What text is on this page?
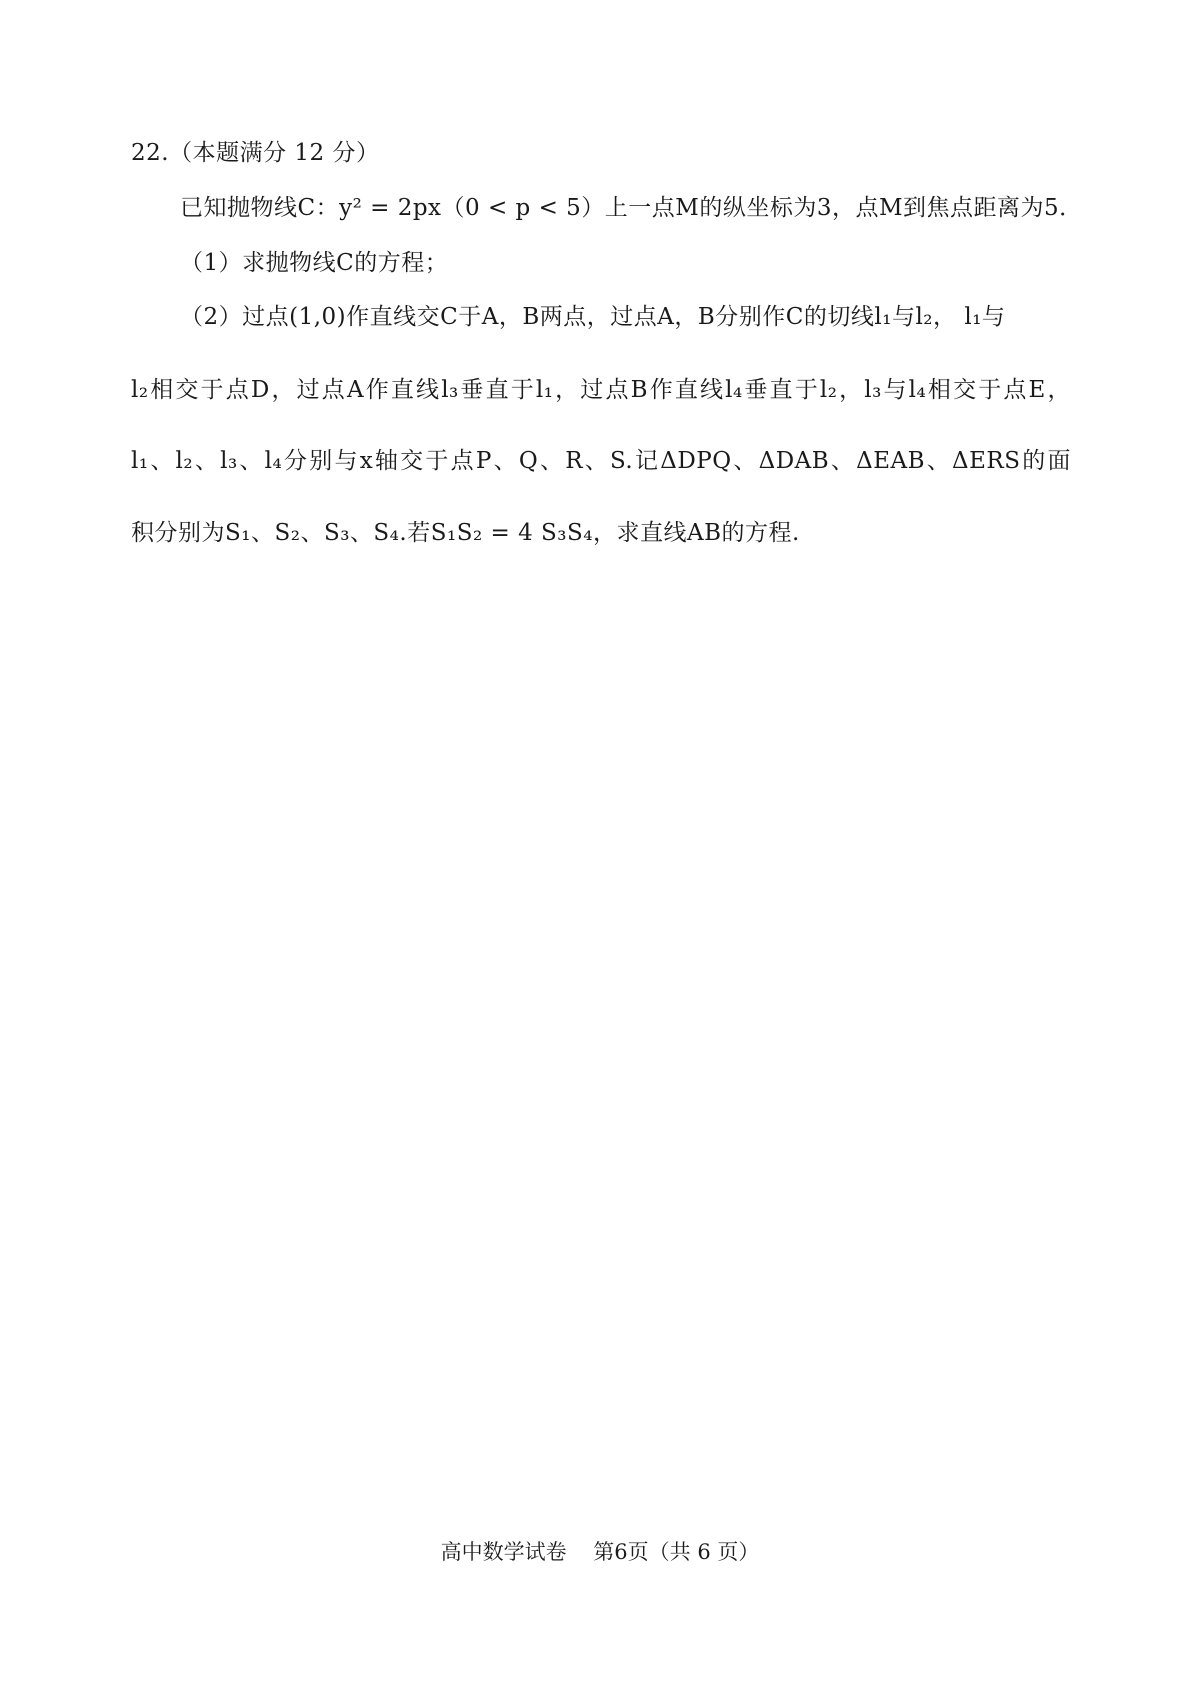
22.（本题满分 12 分）
已知抛物线C：y² = 2px（0 < p < 5）上一点M的纵坐标为3，点M到焦点距离为5．
（1）求抛物线C的方程；
（2）过点(1,0)作直线交C于A，B两点，过点A，B分别作C的切线l₁与l₂， l₁与
l₂相交于点D，过点A作直线l₃垂直于l₁，过点B作直线l₄垂直于l₂，l₃与l₄相交于点E，
l₁、l₂、l₃、l₄分别与x轴交于点P、Q、R、S.记ΔDPQ、ΔDAB、ΔEAB、ΔERS的面
积分别为S₁、S₂、S₃、S₄.若S₁S₂ = 4 S₃S₄，求直线AB的方程.
高中数学试卷    第6页（共 6 页）
